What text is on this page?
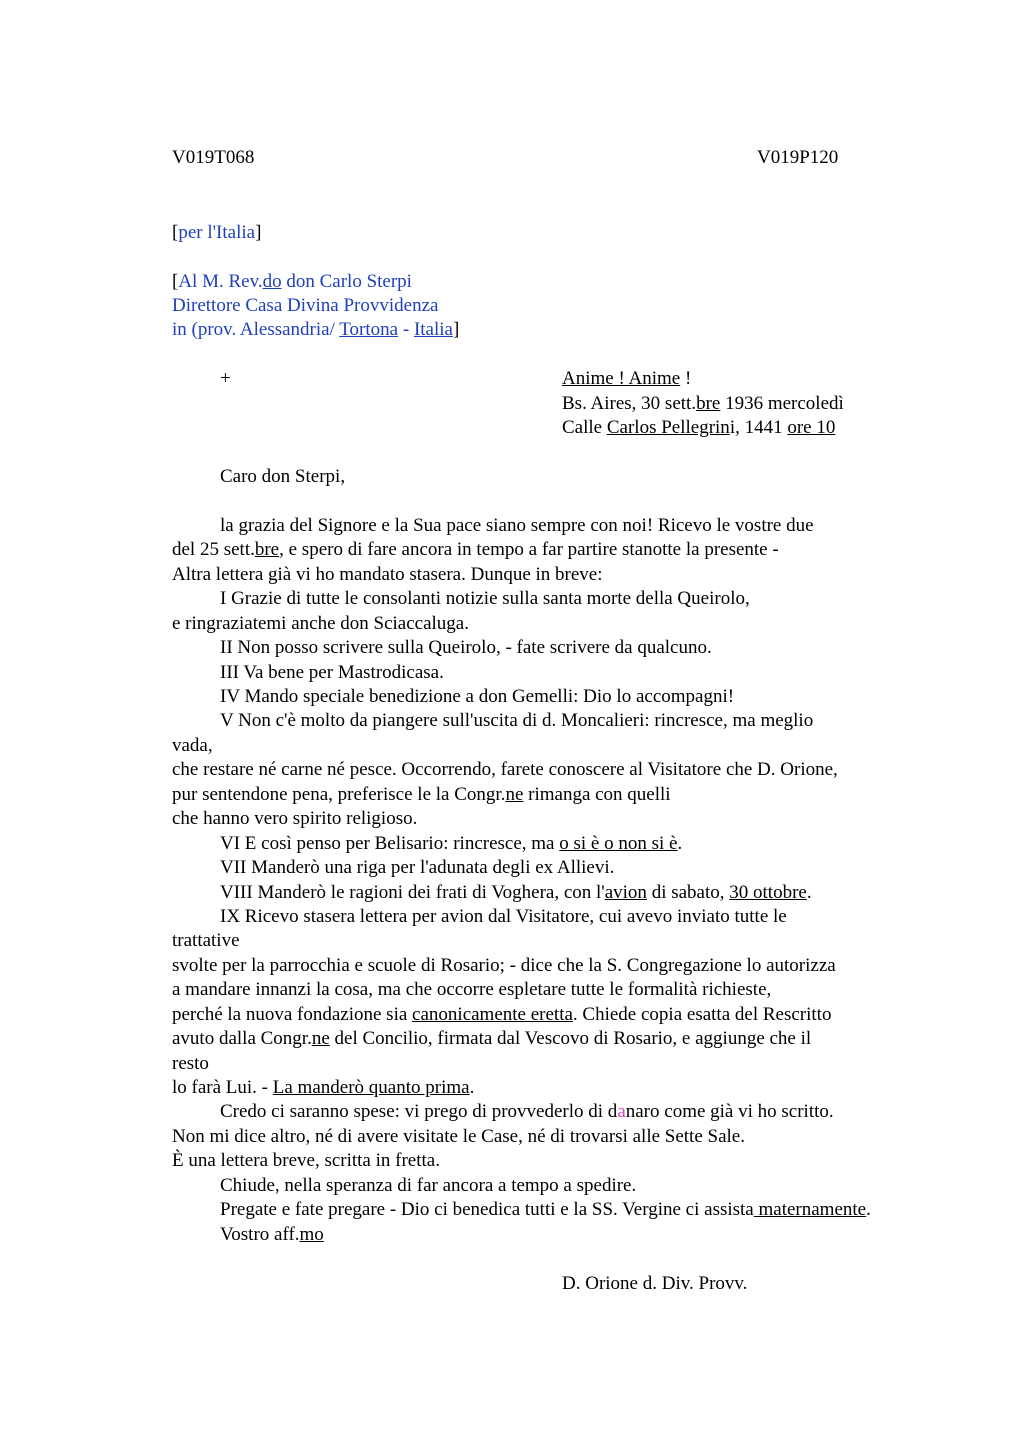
V019T068	V019P120
[per l'Italia]
[Al M. Rev.do don Carlo Sterpi
Direttore Casa Divina Provvidenza
in (prov. Alessandria/ Tortona - Italia]
+	Anime ! Anime !
Bs. Aires, 30 sett.bre 1936 mercoledì
Calle Carlos Pellegrini, 1441 ore 10
Caro don Sterpi,
la grazia del Signore e la Sua pace siano sempre con noi! Ricevo le vostre due
del 25 sett.bre, e spero di fare ancora in tempo a far partire stanotte la presente -
Altra lettera già vi ho mandato stasera. Dunque in breve:
I Grazie di tutte le consolanti notizie sulla santa morte della Queirolo,
e ringraziatemi anche don Sciaccaluga.
II Non posso scrivere sulla Queirolo, - fate scrivere da qualcuno.
III Va bene per Mastrodicasa.
IV Mando speciale benedizione a don Gemelli: Dio lo accompagni!
V Non c'è molto da piangere sull'uscita di d. Moncalieri: rincresce, ma meglio
vada,
che restare né carne né pesce. Occorrendo, farete conoscere al Visitatore che D. Orione,
pur sentendone pena, preferisce le la Congr.ne rimanga con quelli
che hanno vero spirito religioso.
VI E così penso per Belisario: rincresce, ma o si è o non si è.
VII Manderò una riga per l'adunata degli ex Allievi.
VIII Manderò le ragioni dei frati di Voghera, con l'avion di sabato, 30 ottobre.
IX Ricevo stasera lettera per avion dal Visitatore, cui avevo inviato tutte le
trattative
svolte per la parrocchia e scuole di Rosario; - dice che la S. Congregazione lo autorizza
a mandare innanzi la cosa, ma che occorre espletare tutte le formalità richieste,
perché la nuova fondazione sia canonicamente eretta. Chiede copia esatta del Rescritto
avuto dalla Congr.ne del Concilio, firmata dal Vescovo di Rosario, e aggiunge che il
resto
lo farà Lui. - La manderò quanto prima.
Credo ci saranno spese: vi prego di provvederlo di danaro come già vi ho scritto.
Non mi dice altro, né di avere visitate le Case, né di trovarsi alle Sette Sale.
È una lettera breve, scritta in fretta.
Chiude, nella speranza di far ancora a tempo a spedire.
Pregate e fate pregare - Dio ci benedica tutti e la SS. Vergine ci assista maternamente.
Vostro aff.mo
D. Orione d. Div. Provv.
